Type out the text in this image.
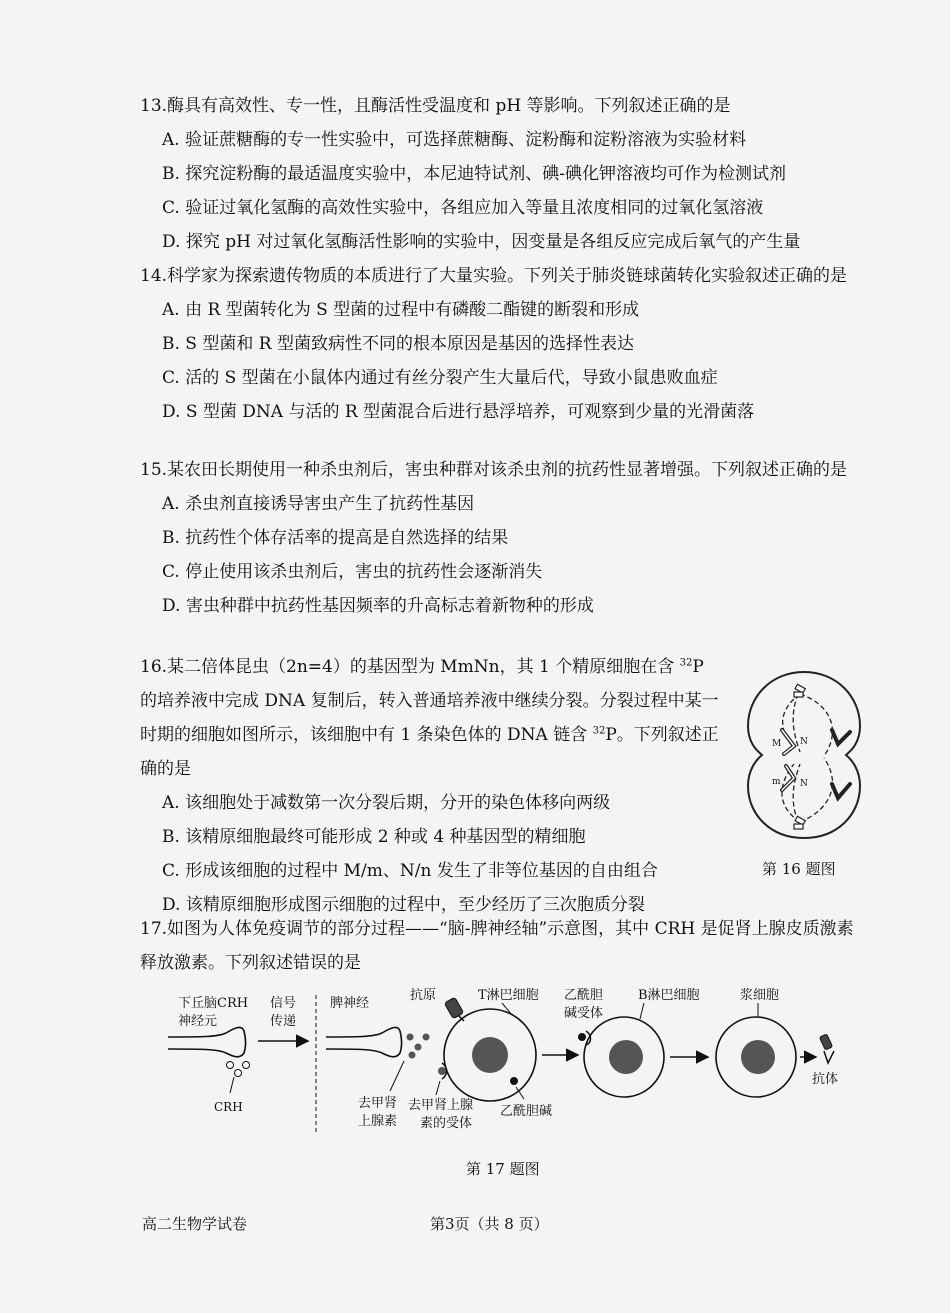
13.酶具有高效性、专一性，且酶活性受温度和 pH 等影响。下列叙述正确的是

A. 验证蔗糖酶的专一性实验中，可选择蔗糖酶、淀粉酶和淀粉溶液为实验材料

B. 探究淀粉酶的最适温度实验中，本尼迪特试剂、碘-碘化钾溶液均可作为检测试剂

C. 验证过氧化氢酶的高效性实验中，各组应加入等量且浓度相同的过氧化氢溶液

D. 探究 pH 对过氧化氢酶活性影响的实验中，因变量是各组反应完成后氧气的产生量

14.科学家为探索遗传物质的本质进行了大量实验。下列关于肺炎链球菌转化实验叙述正确的是

A. 由 R 型菌转化为 S 型菌的过程中有磷酸二酯键的断裂和形成

B. S 型菌和 R 型菌致病性不同的根本原因是基因的选择性表达

C. 活的 S 型菌在小鼠体内通过有丝分裂产生大量后代，导致小鼠患败血症

D. S 型菌 DNA 与活的 R 型菌混合后进行悬浮培养，可观察到少量的光滑菌落

15.某农田长期使用一种杀虫剂后，害虫种群对该杀虫剂的抗药性显著增强。下列叙述正确的是

A. 杀虫剂直接诱导害虫产生了抗药性基因

B. 抗药性个体存活率的提高是自然选择的结果

C. 停止使用该杀虫剂后，害虫的抗药性会逐渐消失

D. 害虫种群中抗药性基因频率的升高标志着新物种的形成

16.某二倍体昆虫（2n=4）的基因型为 MmNn，其 1 个精原细胞在含 $^{32}$P 的培养液中完成 DNA 复制后，转入普通培养液中继续分裂。分裂过程中某一时期的细胞如图所示，该细胞中有 1 条染色体的 DNA 链含 $^{32}$P。下列叙述正确的是

A. 该细胞处于减数第一次分裂后期，分开的染色体移向两级

B. 该精原细胞最终可能形成 2 种或 4 种基因型的精细胞

C. 形成该细胞的过程中 M/m、N/n 发生了非等位基因的自由组合

D. 该精原细胞形成图示细胞的过程中，至少经历了三次胞质分裂

M N
m N
第 16 题图

17.如图为人体免疫调节的部分过程——“脑-脾神经轴”示意图，其中 CRH 是促肾上腺皮质激素释放激素。下列叙述错误的是

下丘脑CRH
神经元
CRH
信号
传递
脾神经
去甲肾
上腺素
抗原	T淋巴细胞
去甲肾上腺
素的受体
乙酰胆碱
乙酰胆
碱受体
B淋巴细胞	浆细胞
抗体
第 17 题图
高二生物学试卷	第3页（共 8 页）
